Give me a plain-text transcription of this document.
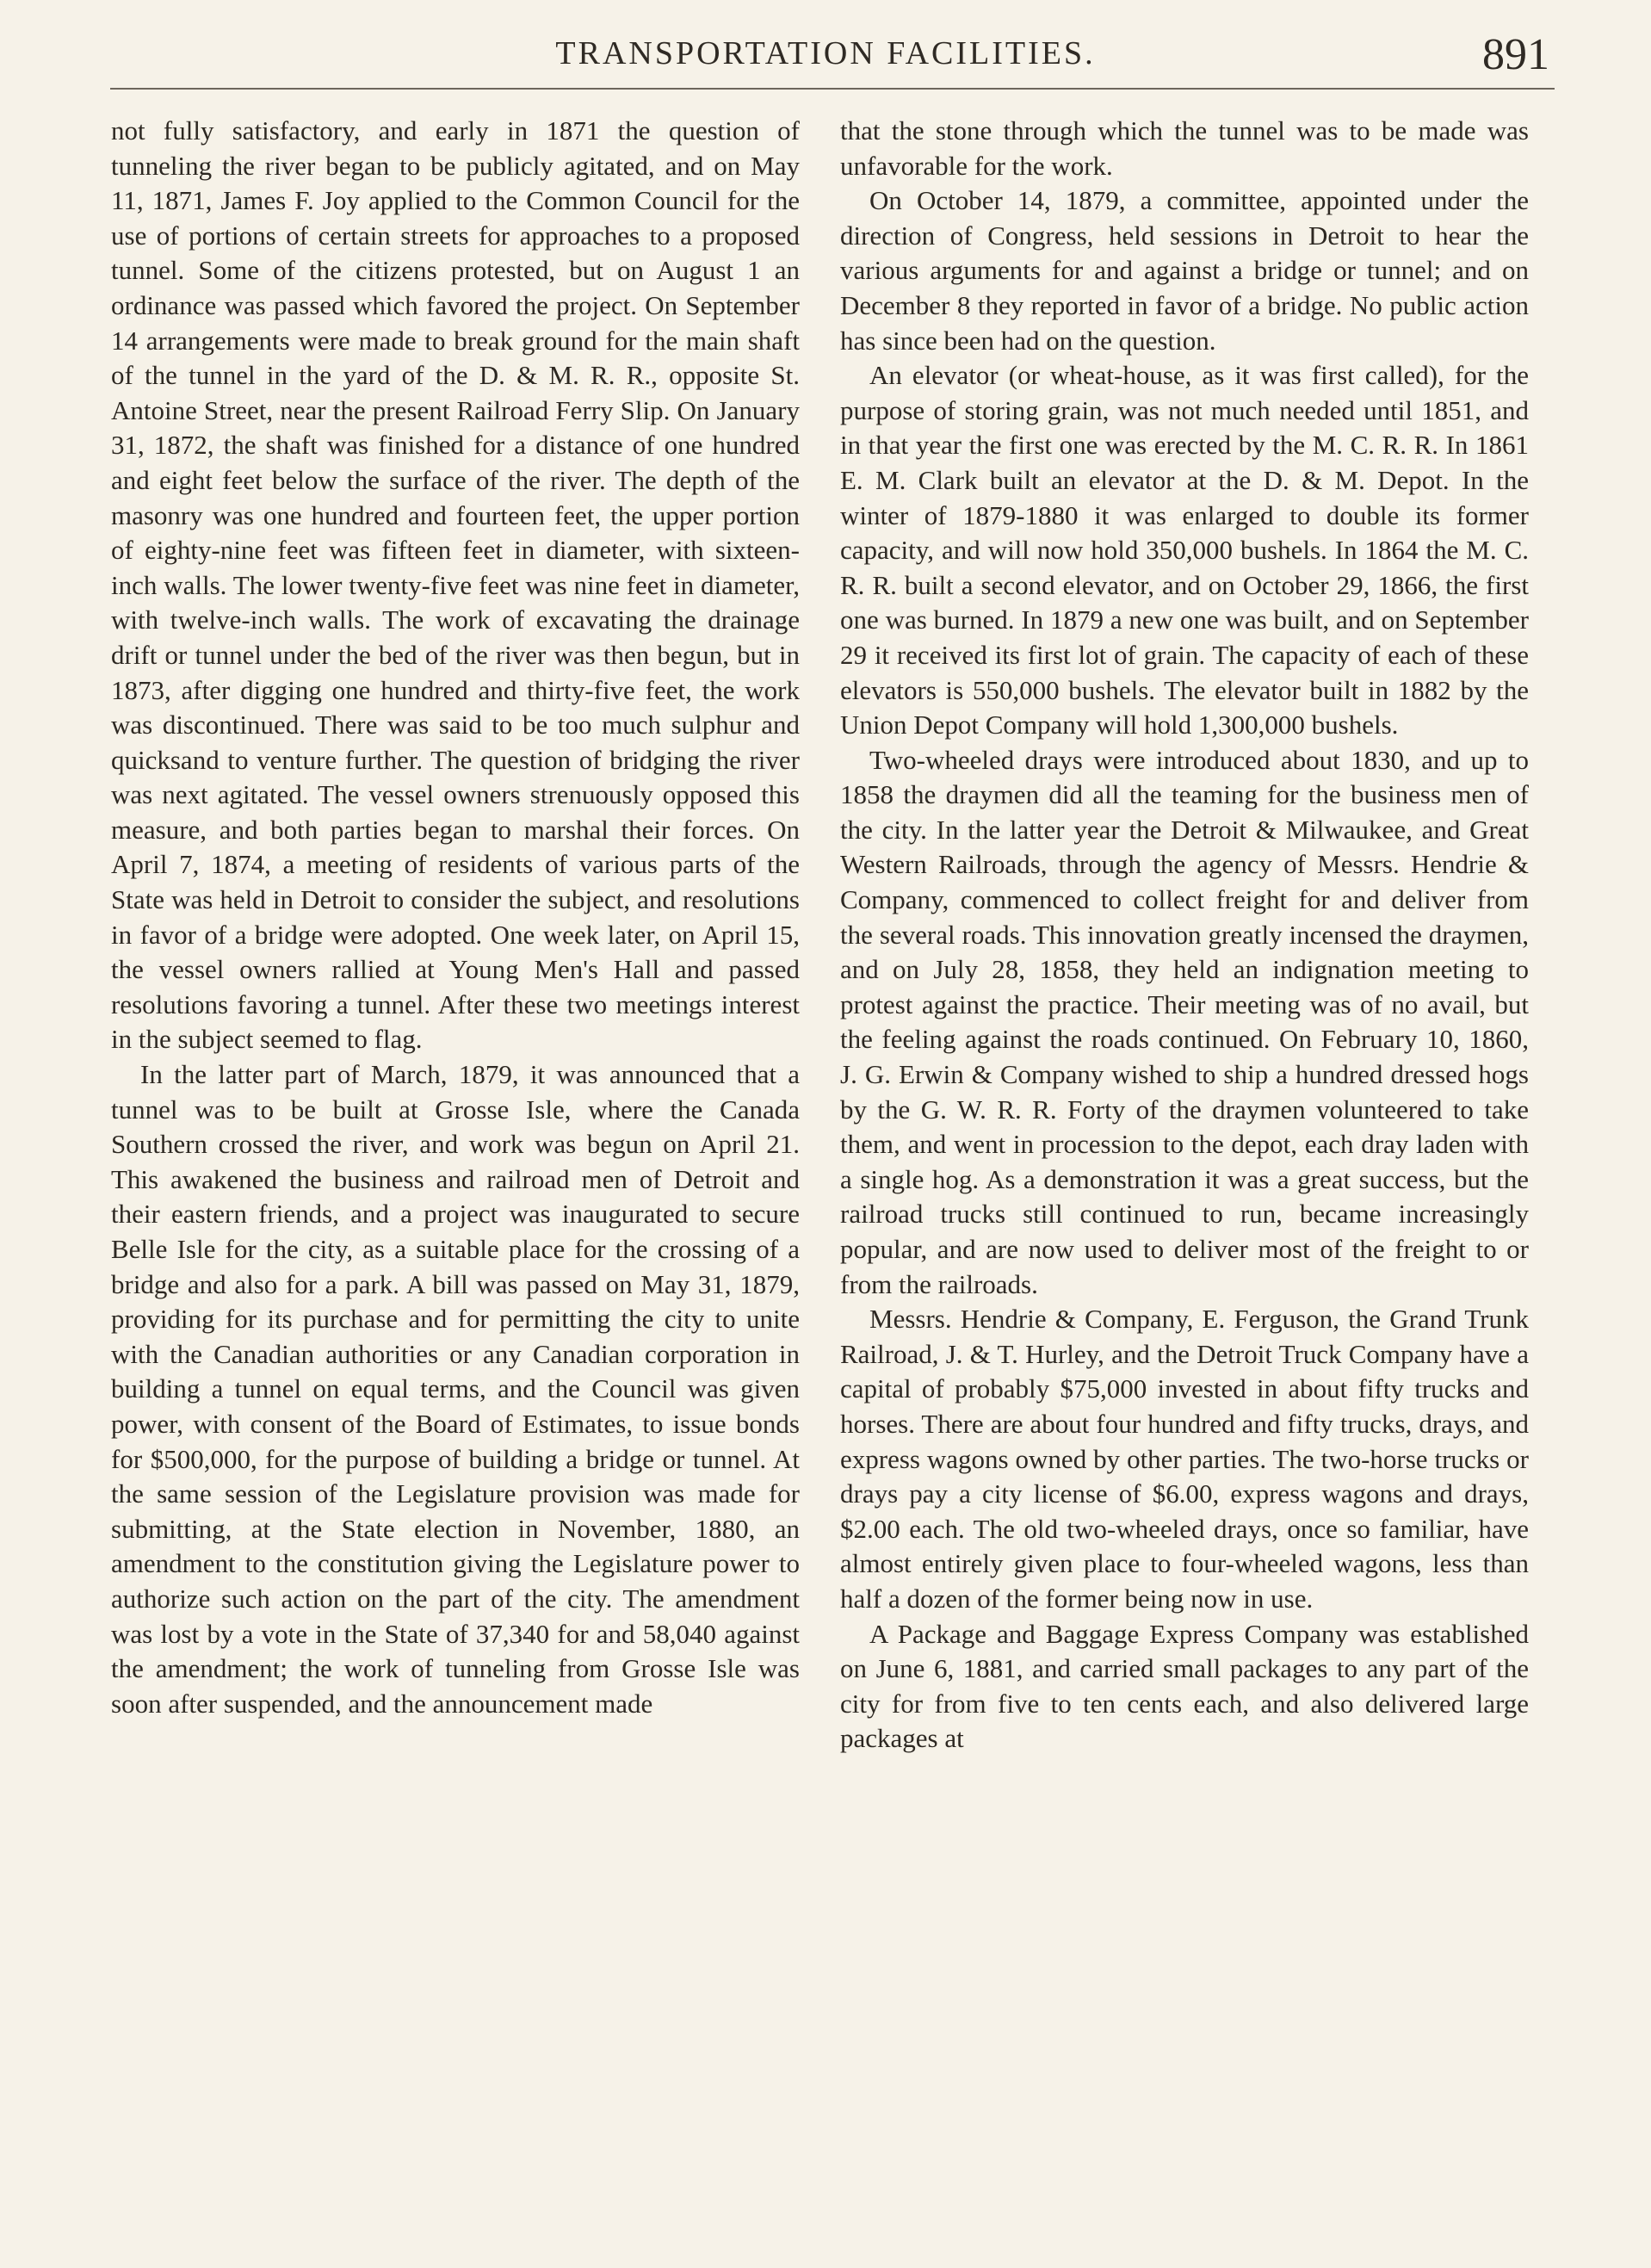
TRANSPORTATION FACILITIES.	891

not fully satisfactory, and early in 1871 the question of tunneling the river began to be publicly agitated, and on May 11, 1871, James F. Joy applied to the Common Council for the use of portions of certain streets for approaches to a proposed tunnel. Some of the citizens protested, but on August 1 an ordinance was passed which favored the project. On September 14 arrangements were made to break ground for the main shaft of the tunnel in the yard of the D. & M. R. R., opposite St. Antoine Street, near the present Railroad Ferry Slip. On January 31, 1872, the shaft was finished for a distance of one hundred and eight feet below the surface of the river. The depth of the masonry was one hundred and fourteen feet, the upper portion of eighty-nine feet was fifteen feet in diameter, with sixteen-inch walls. The lower twenty-five feet was nine feet in diameter, with twelve-inch walls. The work of excavating the drainage drift or tunnel under the bed of the river was then begun, but in 1873, after digging one hundred and thirty-five feet, the work was discontinued. There was said to be too much sulphur and quicksand to venture further. The question of bridging the river was next agitated. The vessel owners strenuously opposed this measure, and both parties began to marshal their forces. On April 7, 1874, a meeting of residents of various parts of the State was held in Detroit to consider the subject, and resolutions in favor of a bridge were adopted. One week later, on April 15, the vessel owners rallied at Young Men's Hall and passed resolutions favoring a tunnel. After these two meetings interest in the subject seemed to flag.

In the latter part of March, 1879, it was announced that a tunnel was to be built at Grosse Isle, where the Canada Southern crossed the river, and work was begun on April 21. This awakened the business and railroad men of Detroit and their eastern friends, and a project was inaugurated to secure Belle Isle for the city, as a suitable place for the crossing of a bridge and also for a park. A bill was passed on May 31, 1879, providing for its purchase and for permitting the city to unite with the Canadian authorities or any Canadian corporation in building a tunnel on equal terms, and the Council was given power, with consent of the Board of Estimates, to issue bonds for $500,000, for the purpose of building a bridge or tunnel. At the same session of the Legislature provision was made for submitting, at the State election in November, 1880, an amendment to the constitution giving the Legislature power to authorize such action on the part of the city. The amendment was lost by a vote in the State of 37,340 for and 58,040 against the amendment; the work of tunneling from Grosse Isle was soon after suspended, and the announcement made

that the stone through which the tunnel was to be made was unfavorable for the work.

On October 14, 1879, a committee, appointed under the direction of Congress, held sessions in Detroit to hear the various arguments for and against a bridge or tunnel; and on December 8 they reported in favor of a bridge. No public action has since been had on the question.

An elevator (or wheat-house, as it was first called), for the purpose of storing grain, was not much needed until 1851, and in that year the first one was erected by the M. C. R. R. In 1861 E. M. Clark built an elevator at the D. & M. Depot. In the winter of 1879-1880 it was enlarged to double its former capacity, and will now hold 350,000 bushels. In 1864 the M. C. R. R. built a second elevator, and on October 29, 1866, the first one was burned. In 1879 a new one was built, and on September 29 it received its first lot of grain. The capacity of each of these elevators is 550,000 bushels. The elevator built in 1882 by the Union Depot Company will hold 1,300,000 bushels.

Two-wheeled drays were introduced about 1830, and up to 1858 the draymen did all the teaming for the business men of the city. In the latter year the Detroit & Milwaukee, and Great Western Railroads, through the agency of Messrs. Hendrie & Company, commenced to collect freight for and deliver from the several roads. This innovation greatly incensed the draymen, and on July 28, 1858, they held an indignation meeting to protest against the practice. Their meeting was of no avail, but the feeling against the roads continued. On February 10, 1860, J. G. Erwin & Company wished to ship a hundred dressed hogs by the G. W. R. R. Forty of the draymen volunteered to take them, and went in procession to the depot, each dray laden with a single hog. As a demonstration it was a great success, but the railroad trucks still continued to run, became increasingly popular, and are now used to deliver most of the freight to or from the railroads.

Messrs. Hendrie & Company, E. Ferguson, the Grand Trunk Railroad, J. & T. Hurley, and the Detroit Truck Company have a capital of probably $75,000 invested in about fifty trucks and horses. There are about four hundred and fifty trucks, drays, and express wagons owned by other parties. The two-horse trucks or drays pay a city license of $6.00, express wagons and drays, $2.00 each. The old two-wheeled drays, once so familiar, have almost entirely given place to four-wheeled wagons, less than half a dozen of the former being now in use.

A Package and Baggage Express Company was established on June 6, 1881, and carried small packages to any part of the city for from five to ten cents each, and also delivered large packages at
